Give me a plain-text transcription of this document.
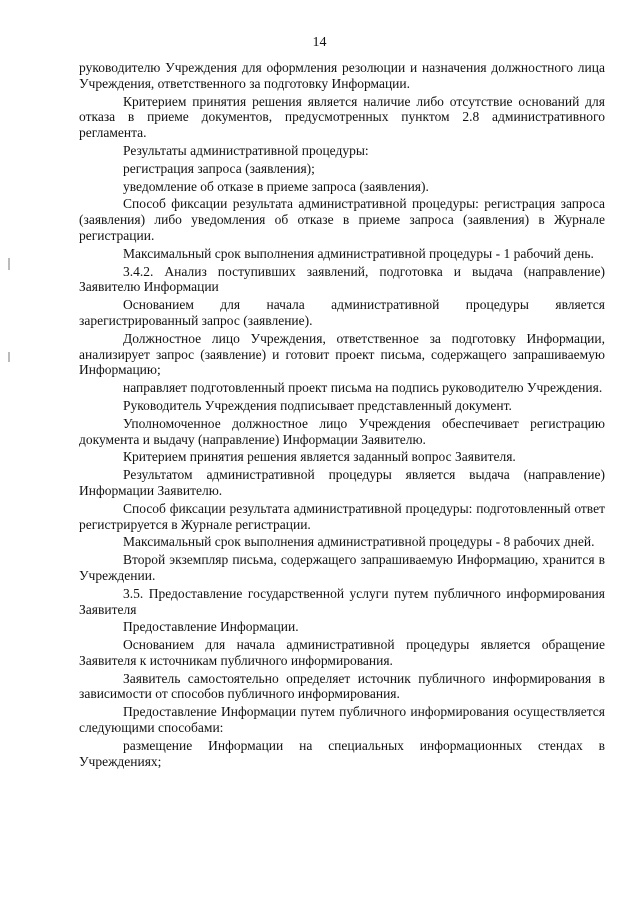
14

руководителю Учреждения для оформления резолюции и назначения должностного лица Учреждения, ответственного за подготовку Информации.

Критерием принятия решения является наличие либо отсутствие оснований для отказа в приеме документов, предусмотренных пунктом 2.8 административного регламента.

Результаты административной процедуры:

регистрация запроса (заявления);

уведомление об отказе в приеме запроса (заявления).

Способ фиксации результата административной процедуры: регистрация запроса (заявления) либо уведомления об отказе в приеме запроса (заявления) в Журнале регистрации.

Максимальный срок выполнения административной процедуры - 1 рабочий день.

3.4.2. Анализ поступивших заявлений, подготовка и выдача (направление) Заявителю Информации

Основанием для начала административной процедуры является зарегистрированный запрос (заявление).

Должностное лицо Учреждения, ответственное за подготовку Информации, анализирует запрос (заявление) и готовит проект письма, содержащего запрашиваемую Информацию;

направляет подготовленный проект письма на подпись руководителю Учреждения.

Руководитель Учреждения подписывает представленный документ.

Уполномоченное должностное лицо Учреждения обеспечивает регистрацию документа и выдачу (направление) Информации Заявителю.

Критерием принятия решения является заданный вопрос Заявителя.

Результатом административной процедуры является выдача (направление) Информации Заявителю.

Способ фиксации результата административной процедуры: подготовленный ответ регистрируется в Журнале регистрации.

Максимальный срок выполнения административной процедуры - 8 рабочих дней.

Второй экземпляр письма, содержащего запрашиваемую Информацию, хранится в Учреждении.

3.5. Предоставление государственной услуги путем публичного информирования Заявителя

Предоставление Информации.

Основанием для начала административной процедуры является обращение Заявителя к источникам публичного информирования.

Заявитель самостоятельно определяет источник публичного информирования в зависимости от способов публичного информирования.

Предоставление Информации путем публичного информирования осуществляется следующими способами:

размещение Информации на специальных информационных стендах в Учреждениях;
